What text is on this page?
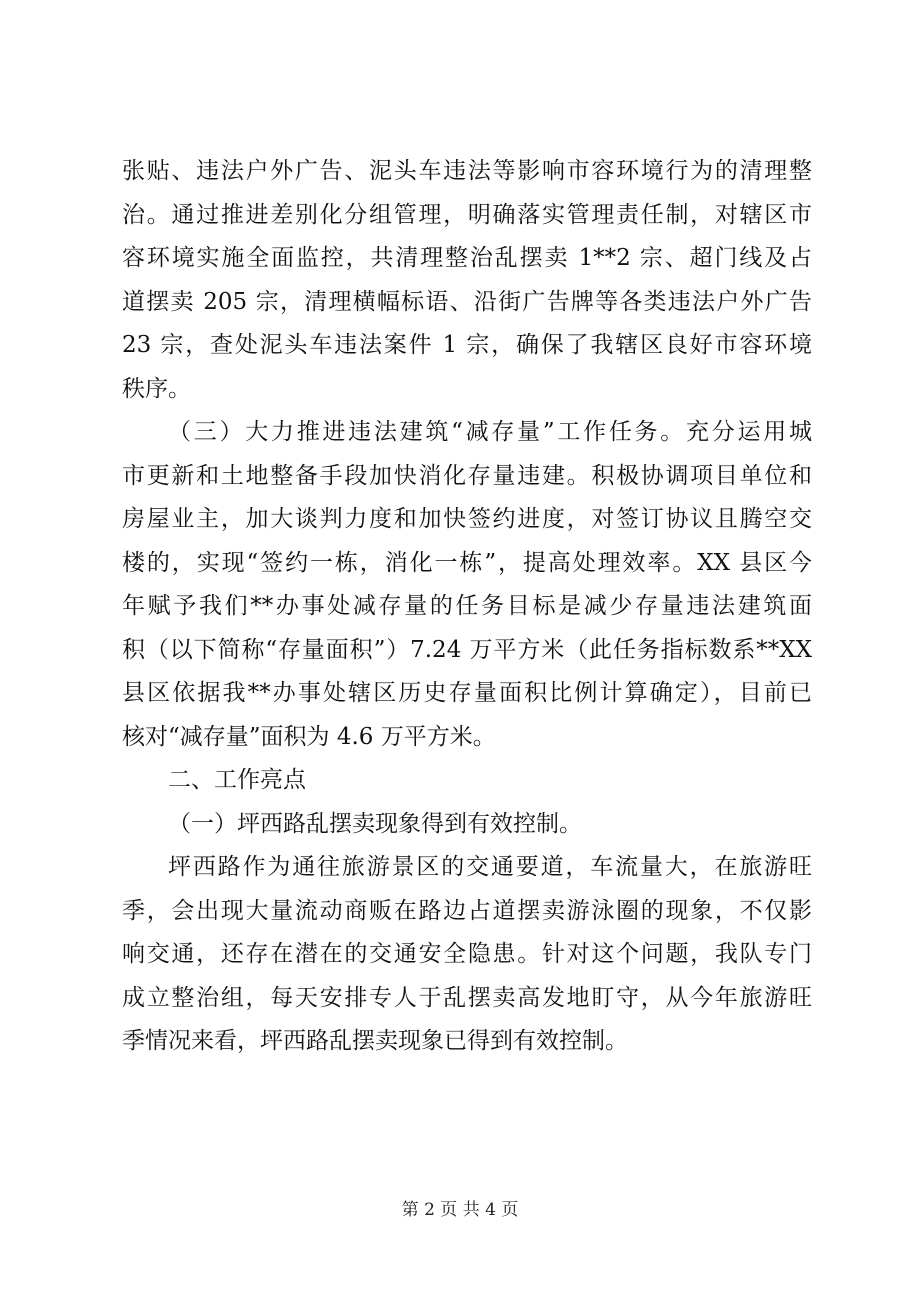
张贴、违法户外广告、泥头车违法等影响市容环境行为的清理整
治。通过推进差别化分组管理，明确落实管理责任制，对辖区市
容环境实施全面监控，共清理整治乱摆卖 1**2 宗、超门线及占
道摆卖 205 宗，清理横幅标语、沿街广告牌等各类违法户外广告
23 宗，查处泥头车违法案件 1 宗，确保了我辖区良好市容环境
秩序。
（三）大力推进违法建筑“减存量”工作任务。充分运用城
市更新和土地整备手段加快消化存量违建。积极协调项目单位和
房屋业主，加大谈判力度和加快签约进度，对签订协议且腾空交
楼的，实现“签约一栋，消化一栋”，提高处理效率。XX 县区今
年赋予我们**办事处减存量的任务目标是减少存量违法建筑面
积（以下简称“存量面积”）7.24 万平方米（此任务指标数系**XX
县区依据我**办事处辖区历史存量面积比例计算确定），目前已
核对“减存量”面积为 4.6 万平方米。
二、工作亮点
（一）坪西路乱摆卖现象得到有效控制。
坪西路作为通往旅游景区的交通要道，车流量大，在旅游旺
季，会出现大量流动商贩在路边占道摆卖游泳圈的现象，不仅影
响交通，还存在潜在的交通安全隐患。针对这个问题，我队专门
成立整治组，每天安排专人于乱摆卖高发地盯守，从今年旅游旺
季情况来看，坪西路乱摆卖现象已得到有效控制。
第 2 页 共 4 页
